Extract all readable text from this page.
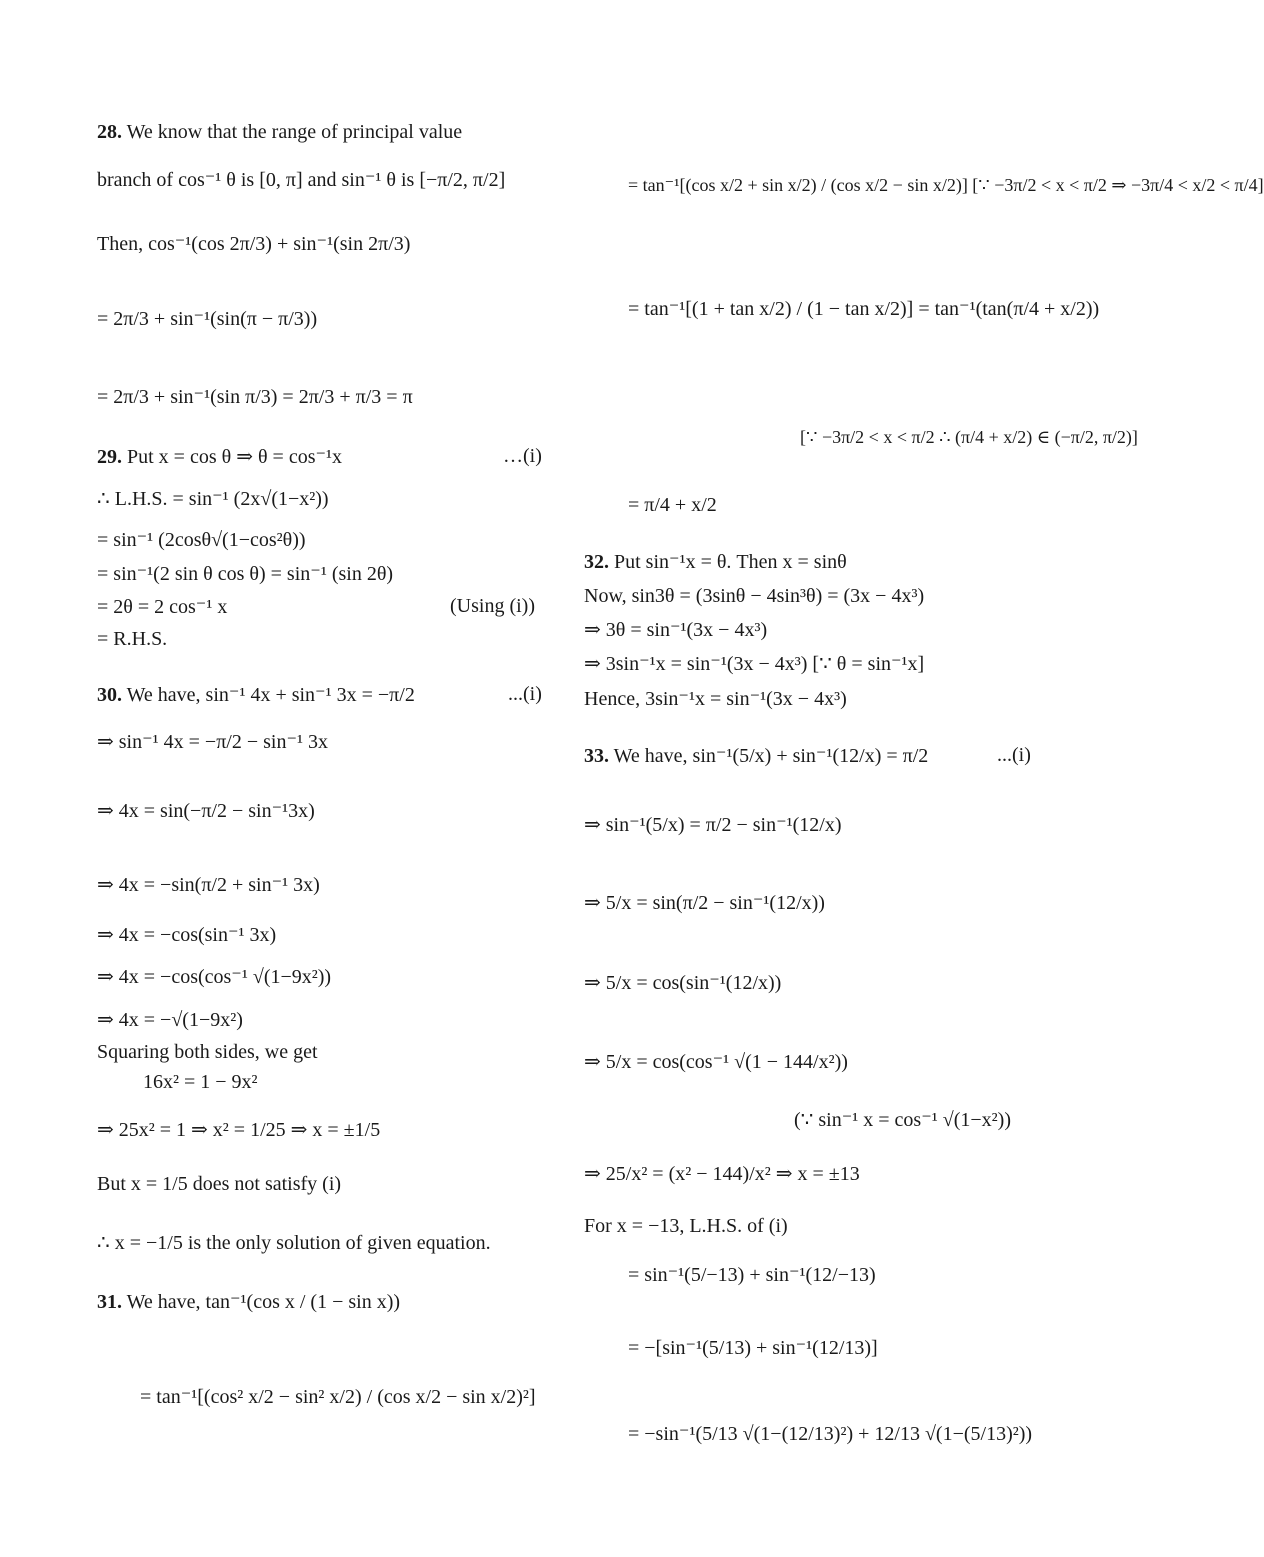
28. We know that the range of principal value
branch of cos⁻¹ θ is [0, π] and sin⁻¹ θ is [−π/2, π/2]
Then, cos⁻¹(cos 2π/3) + sin⁻¹(sin 2π/3)
= 2π/3 + sin⁻¹(sin(π − π/3))
= 2π/3 + sin⁻¹(sin π/3) = 2π/3 + π/3 = π
29. Put x = cos θ ⇒ θ = cos⁻¹x	…(i)
∴ L.H.S. = sin⁻¹ (2x√(1−x²))
= sin⁻¹ (2cosθ√(1−cos²θ))
= sin⁻¹(2 sin θ cos θ) = sin⁻¹ (sin 2θ)
= 2θ = 2 cos⁻¹ x	(Using (i))
= R.H.S.
30. We have, sin⁻¹ 4x + sin⁻¹ 3x = −π/2	...(i)
⇒ sin⁻¹ 4x = −π/2 − sin⁻¹ 3x
⇒ 4x = sin(−π/2 − sin⁻¹3x)
⇒ 4x = −sin(π/2 + sin⁻¹ 3x)
⇒ 4x = −cos(sin⁻¹ 3x)
⇒ 4x = −cos(cos⁻¹ √(1−9x²))
⇒ 4x = −√(1−9x²)
Squaring both sides, we get
16x² = 1 − 9x²
⇒ 25x² = 1 ⇒ x² = 1/25 ⇒ x = ±1/5
But x = 1/5 does not satisfy (i)
∴ x = −1/5 is the only solution of given equation.
31. We have, tan⁻¹(cos x / (1 − sin x))
= tan⁻¹[(cos² x/2 − sin² x/2) / (cos x/2 − sin x/2)²]
= tan⁻¹[(cos x/2 + sin x/2) / (cos x/2 − sin x/2)] [∵ −3π/2 < x < π/2 ⇒ −3π/4 < x/2 < π/4]
= tan⁻¹[(1 + tan x/2) / (1 − tan x/2)] = tan⁻¹(tan(π/4 + x/2))
[∵ −3π/2 < x < π/2 ∴ (π/4 + x/2) ∈ (−π/2, π/2)]
= π/4 + x/2
32. Put sin⁻¹x = θ. Then x = sinθ
Now, sin3θ = (3sinθ − 4sin³θ) = (3x − 4x³)
⇒ 3θ = sin⁻¹(3x − 4x³)
⇒ 3sin⁻¹x = sin⁻¹(3x − 4x³) [∵ θ = sin⁻¹x]
Hence, 3sin⁻¹x = sin⁻¹(3x − 4x³)
33. We have, sin⁻¹(5/x) + sin⁻¹(12/x) = π/2	...(i)
⇒ sin⁻¹(5/x) = π/2 − sin⁻¹(12/x)
⇒ 5/x = sin(π/2 − sin⁻¹(12/x))
⇒ 5/x = cos(sin⁻¹(12/x))
⇒ 5/x = cos(cos⁻¹ √(1 − 144/x²))
(∵ sin⁻¹ x = cos⁻¹ √(1−x²))
⇒ 25/x² = (x² − 144)/x² ⇒ x = ±13
For x = −13, L.H.S. of (i)
= sin⁻¹(5/−13) + sin⁻¹(12/−13)
= −[sin⁻¹(5/13) + sin⁻¹(12/13)]
= −sin⁻¹(5/13 √(1−(12/13)²) + 12/13 √(1−(5/13)²))
